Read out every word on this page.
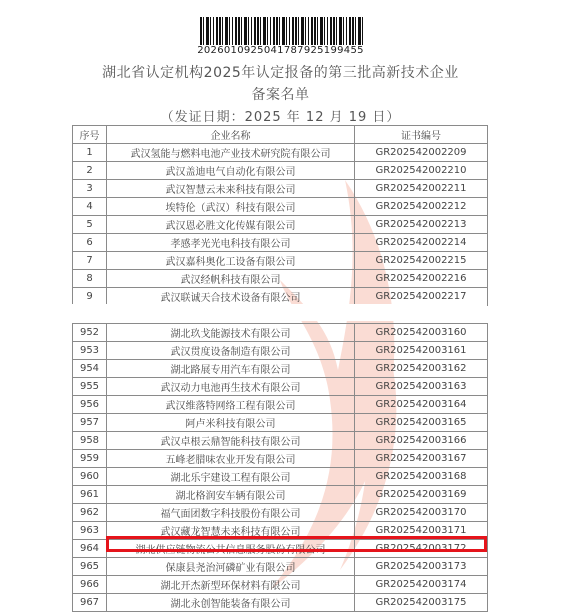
20260109250417879251994​55
湖北省认定机构2025年认定报备的第三批高新技术企业
备案名单
（发证日期：2025 年 12 月 19 日）
序号	企业名称	证书编号
1	武汉氢能与燃料电池产业技术研究院有限公司	GR202542002209
2	武汉盖迪电气自动化有限公司	GR202542002210
3	武汉智慧云未来科技有限公司	GR202542002211
4	埃特伦（武汉）科技有限公司	GR202542002212
5	武汉恩必胜文化传媒有限公司	GR202542002213
6	孝感孝光光电科技有限公司	GR202542002214
7	武汉嘉科奥化工设备有限公司	GR202542002215
8	武汉经帆科技有限公司	GR202542002216
9	武汉联诚天合技术设备有限公司	GR202542002217
952	湖北玖戈能源技术有限公司	GR202542003160
953	武汉贯度设备制造有限公司	GR202542003161
954	湖北路展专用汽车有限公司	GR202542003162
955	武汉动力电池再生技术有限公司	GR202542003163
956	武汉维落特网络工程有限公司	GR202542003164
957	阿卢米科技有限公司	GR202542003165
958	武汉卓根云鼎智能科技有限公司	GR202542003166
959	五峰老腊味农业开发有限公司	GR202542003167
960	湖北乐宇建设工程有限公司	GR202542003168
961	湖北格润安车辆有限公司	GR202542003169
962	福气面团数字科技股份有限公司	GR202542003170
963	武汉藏龙智慧未来科技有限公司	GR202542003171
964	湖北供应链物流公共信息服务股份有限公司	GR202542003172
965	保康县尧治河磷矿业有限公司	GR202542003173
966	湖北开杰新型环保材料有限公司	GR202542003174
967	湖北永创智能装备有限公司	GR202542003175
